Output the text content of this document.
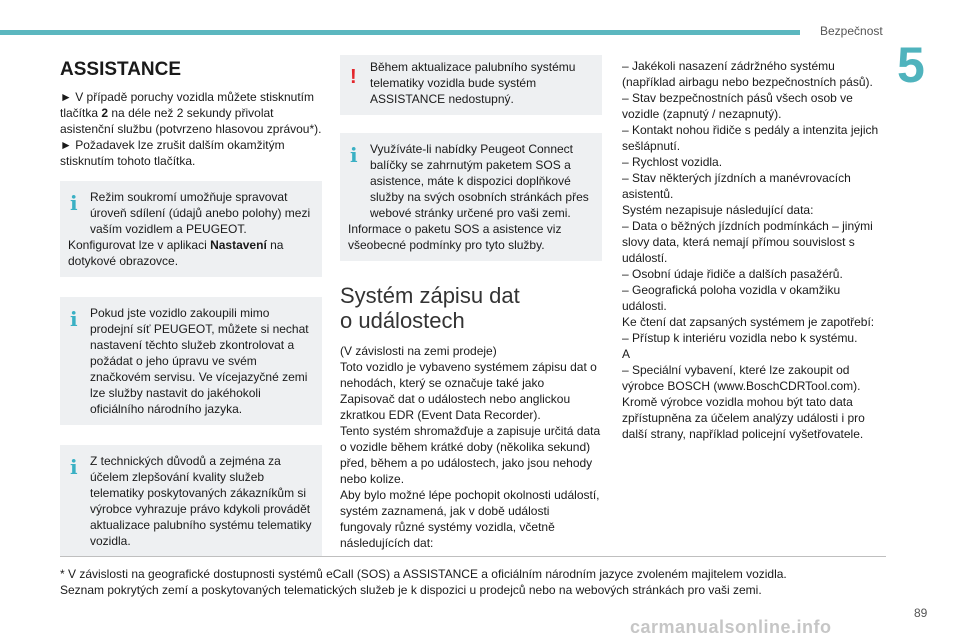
Bezpečnost
5
ASSISTANCE

► V případě poruchy vozidla můžete stisknutím tlačítka 2 na déle než 2 sekundy přivolat asistenční službu (potvrzeno hlasovou zprávou*).

► Požadavek lze zrušit dalším okamžitým stisknutím tohoto tlačítka.

i	Režim soukromí umožňuje spravovat úroveň sdílení (údajů anebo polohy) mezi vaším vozidlem a PEUGEOT.

Konfigurovat lze v aplikaci Nastavení na dotykové obrazovce.

i	Pokud jste vozidlo zakoupili mimo prodejní síť PEUGEOT, můžete si nechat nastavení těchto služeb zkontrolovat a požádat o jeho úpravu ve svém značkovém servisu. Ve vícejazyčné zemi lze služby nastavit do jakéhokoli oficiálního národního jazyka.

i	Z technických důvodů a zejména za účelem zlepšování kvality služeb telematiky poskytovaných zákazníkům si výrobce vyhrazuje právo kdykoli provádět aktualizace palubního systému telematiky vozidla.

!	Během aktualizace palubního systému telematiky vozidla bude systém ASSISTANCE nedostupný.

i	Využíváte-li nabídky Peugeot Connect balíčky se zahrnutým paketem SOS a asistence, máte k dispozici doplňkové služby na svých osobních stránkách přes webové stránky určené pro vaši zemi.

Informace o paketu SOS a asistence viz všeobecné podmínky pro tyto služby.

Systém zápisu dat
o událostech

(V závislosti na zemi prodeje)

Toto vozidlo je vybaveno systémem zápisu dat o nehodách, který se označuje také jako Zapisovač dat o událostech nebo anglickou zkratkou EDR (Event Data Recorder).

Tento systém shromažďuje a zapisuje určitá data o vozidle během krátké doby (několika sekund) před, během a po událostech, jako jsou nehody nebo kolize.

Aby bylo možné lépe pochopit okolnosti událostí, systém zaznamená, jak v době události fungovaly různé systémy vozidla, včetně následujících dat:

– Jakékoli nasazení zádržného systému (například airbagu nebo bezpečnostních pásů).

– Stav bezpečnostních pásů všech osob ve vozidle (zapnutý / nezapnutý).

– Kontakt nohou řidiče s pedály a intenzita jejich sešlápnutí.

– Rychlost vozidla.

– Stav některých jízdních a manévrovacích asistentů.

Systém nezapisuje následující data:

– Data o běžných jízdních podmínkách – jinými slovy data, která nemají přímou souvislost s událostí.

– Osobní údaje řidiče a dalších pasažérů.

– Geografická poloha vozidla v okamžiku události.

Ke čtení dat zapsaných systémem je zapotřebí:

– Přístup k interiéru vozidla nebo k systému.

A

– Speciální vybavení, které lze zakoupit od výrobce BOSCH (www.BoschCDRTool.com).

Kromě výrobce vozidla mohou být tato data zpřístupněna za účelem analýzy události i pro další strany, například policejní vyšetřovatele.

* V závislosti na geografické dostupnosti systémů eCall (SOS) a ASSISTANCE a oficiálním národním jazyce zvoleném majitelem vozidla.

Seznam pokrytých zemí a poskytovaných telematických služeb je k dispozici u prodejců nebo na webových stránkách pro vaši zemi.

89
carmanualsonline.info
